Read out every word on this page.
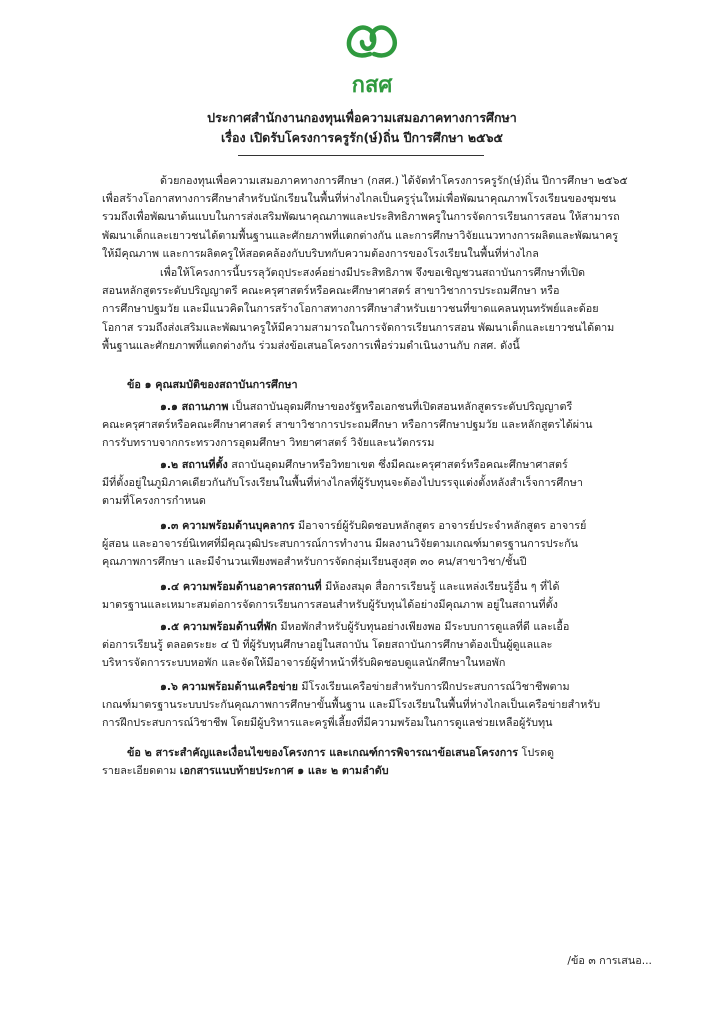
กสศ
ประกาศสำนักงานกองทุนเพื่อความเสมอภาคทางการศึกษา
เรื่อง เปิดรับโครงการครูรัก(ษ์)ถิ่น ปีการศึกษา ๒๕๖๕
ด้วยกองทุนเพื่อความเสมอภาคทางการศึกษา (กสศ.) ได้จัดทำโครงการครูรัก(ษ์)ถิ่น ปีการศึกษา ๒๕๖๕
เพื่อสร้างโอกาสทางการศึกษาสำหรับนักเรียนในพื้นที่ห่างไกลเป็นครูรุ่นใหม่เพื่อพัฒนาคุณภาพโรงเรียนของชุมชน
รวมถึงเพื่อพัฒนาต้นแบบในการส่งเสริมพัฒนาคุณภาพและประสิทธิภาพครูในการจัดการเรียนการสอน ให้สามารถ
พัฒนาเด็กและเยาวชนได้ตามพื้นฐานและศักยภาพที่แตกต่างกัน และการศึกษาวิจัยแนวทางการผลิตและพัฒนาครู
ให้มีคุณภาพ และการผลิตครูให้สอดคล้องกับบริบทกับความต้องการของโรงเรียนในพื้นที่ห่างไกล
เพื่อให้โครงการนี้บรรลุวัตถุประสงค์อย่างมีประสิทธิภาพ จึงขอเชิญชวนสถาบันการศึกษาที่เปิด
สอนหลักสูตรระดับปริญญาตรี คณะครุศาสตร์หรือคณะศึกษาศาสตร์ สาขาวิชาการประถมศึกษา หรือ
การศึกษาปฐมวัย และมีแนวคิดในการสร้างโอกาสทางการศึกษาสำหรับเยาวชนที่ขาดแคลนทุนทรัพย์และด้อย
โอกาส รวมถึงส่งเสริมและพัฒนาครูให้มีความสามารถในการจัดการเรียนการสอน พัฒนาเด็กและเยาวชนได้ตาม
พื้นฐานและศักยภาพที่แตกต่างกัน ร่วมส่งข้อเสนอโครงการเพื่อร่วมดำเนินงานกับ กสศ. ดังนี้
ข้อ ๑ คุณสมบัติของสถาบันการศึกษา
๑.๑ สถานภาพ เป็นสถาบันอุดมศึกษาของรัฐหรือเอกชนที่เปิดสอนหลักสูตรระดับปริญญาตรี
คณะครุศาสตร์หรือคณะศึกษาศาสตร์ สาขาวิชาการประถมศึกษา หรือการศึกษาปฐมวัย และหลักสูตรได้ผ่าน
การรับทราบจากกระทรวงการอุดมศึกษา วิทยาศาสตร์ วิจัยและนวัตกรรม
๑.๒ สถานที่ตั้ง สถาบันอุดมศึกษาหรือวิทยาเขต ซึ่งมีคณะครุศาสตร์หรือคณะศึกษาศาสตร์
มีที่ตั้งอยู่ในภูมิภาคเดียวกันกับโรงเรียนในพื้นที่ห่างไกลที่ผู้รับทุนจะต้องไปบรรจุแต่งตั้งหลังสำเร็จการศึกษา
ตามที่โครงการกำหนด
๑.๓ ความพร้อมด้านบุคลากร มีอาจารย์ผู้รับผิดชอบหลักสูตร อาจารย์ประจำหลักสูตร อาจารย์
ผู้สอน และอาจารย์นิเทศที่มีคุณวุฒิประสบการณ์การทำงาน มีผลงานวิจัยตามเกณฑ์มาตรฐานการประกัน
คุณภาพการศึกษา และมีจำนวนเพียงพอสำหรับการจัดกลุ่มเรียนสูงสุด ๓๐ คน/สาขาวิชา/ชั้นปี
๑.๔ ความพร้อมด้านอาคารสถานที่ มีห้องสมุด สื่อการเรียนรู้ และแหล่งเรียนรู้อื่น ๆ ที่ได้
มาตรฐานและเหมาะสมต่อการจัดการเรียนการสอนสำหรับผู้รับทุนได้อย่างมีคุณภาพ อยู่ในสถานที่ตั้ง
๑.๕ ความพร้อมด้านที่พัก มีหอพักสำหรับผู้รับทุนอย่างเพียงพอ มีระบบการดูแลที่ดี และเอื้อ
ต่อการเรียนรู้ ตลอดระยะ ๔ ปี ที่ผู้รับทุนศึกษาอยู่ในสถาบัน โดยสถาบันการศึกษาต้องเป็นผู้ดูแลและ
บริหารจัดการระบบหอพัก และจัดให้มีอาจารย์ผู้ทำหน้าที่รับผิดชอบดูแลนักศึกษาในหอพัก
๑.๖ ความพร้อมด้านเครือข่าย มีโรงเรียนเครือข่ายสำหรับการฝึกประสบการณ์วิชาชีพตาม
เกณฑ์มาตรฐานระบบประกันคุณภาพการศึกษาขั้นพื้นฐาน และมีโรงเรียนในพื้นที่ห่างไกลเป็นเครือข่ายสำหรับ
การฝึกประสบการณ์วิชาชีพ โดยมีผู้บริหารและครูพี่เลี้ยงที่มีความพร้อมในการดูแลช่วยเหลือผู้รับทุน
ข้อ ๒ สาระสำคัญและเงื่อนไขของโครงการ และเกณฑ์การพิจารณาข้อเสนอโครงการ โปรดดู
รายละเอียดตาม เอกสารแนบท้ายประกาศ ๑ และ ๒ ตามลำดับ
/ข้อ ๓ การเสนอ...
